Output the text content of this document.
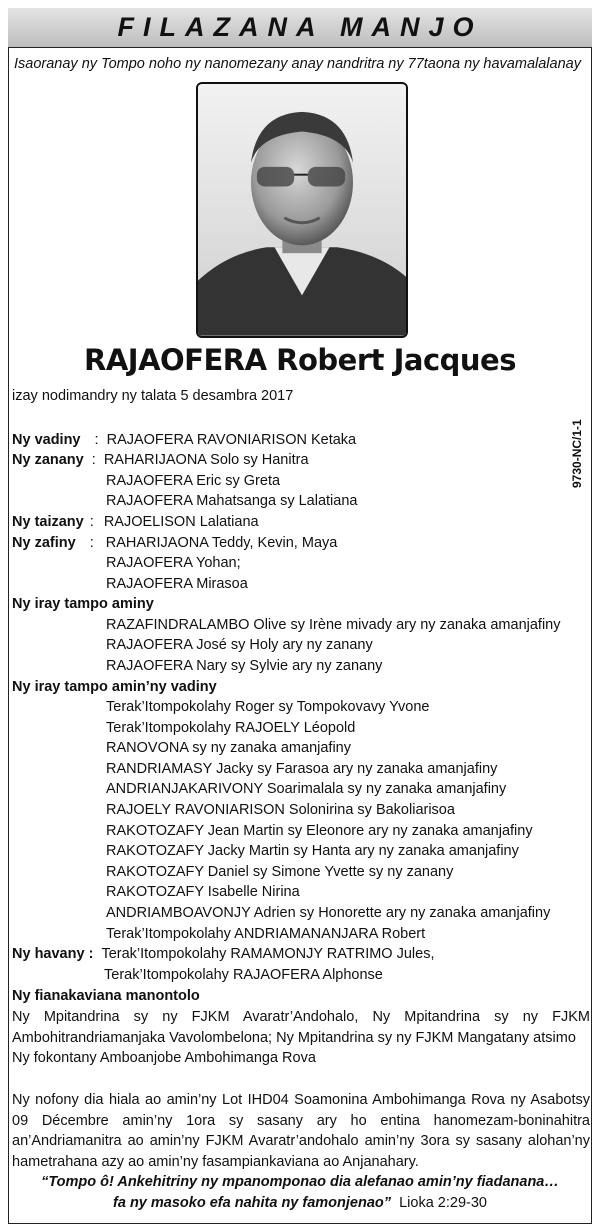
FILAZANA MANJO
Isaoranay ny Tompo noho ny nanomezany anay nandritra ny 77taona ny havamalalanay
RAJAOFERA Robert Jacques
izay nodimandry ny talata 5 desambra 2017
9730-NC/1-1
Ny vadiny : RAJAOFERA RAVONIARISON Ketaka
Ny zanany : RAHARIJAONA Solo sy Hanitra
RAJAOFERA Eric sy Greta
RAJAOFERA Mahatsanga sy Lalatiana
Ny taizany : RAJOELISON Lalatiana
Ny zafiny : RAHARIJAONA Teddy, Kevin, Maya
RAJAOFERA Yohan;
RAJAOFERA Mirasoa
Ny iray tampo aminy
RAZAFINDRALAMBO Olive sy Irène mivady ary ny zanaka amanjafiny
RAJAOFERA José sy Holy ary ny zanany
RAJAOFERA Nary sy Sylvie ary ny zanany
Ny iray tampo amin’ny vadiny
Terak’Itompokolahy Roger sy Tompokovavy Yvone
Terak’Itompokolahy RAJOELY Léopold
RANOVONA sy ny zanaka amanjafiny
RANDRIAMASY Jacky sy Farasoa ary ny zanaka amanjafiny
ANDRIANJAKARIVONY Soarimalala sy ny zanaka amanjafiny
RAJOELY RAVONIARISON Solonirina sy Bakoliarisoa
RAKOTOZAFY Jean Martin sy Eleonore ary ny zanaka amanjafiny
RAKOTOZAFY Jacky Martin sy Hanta ary ny zanaka amanjafiny
RAKOTOZAFY Daniel sy Simone Yvette sy ny zanany
RAKOTOZAFY Isabelle Nirina
ANDRIAMBOAVONJY Adrien sy Honorette ary ny zanaka amanjafiny
Terak’Itompokolahy ANDRIAMANANJARA Robert
Ny havany : Terak’Itompokolahy RAMAMONJY RATRIMO Jules,
Terak’Itompokolahy RAJAOFERA Alphonse
Ny fianakaviana manontolo
Ny Mpitandrina sy ny FJKM Avaratr’Andohalo, Ny Mpitandrina sy ny FJKM Ambohitrandriamanjaka Vavolombelona; Ny Mpitandrina sy ny FJKM Mangatany atsimo
Ny fokontany Amboanjobe Ambohimanga Rova
Ny nofony dia hiala ao amin’ny Lot IHD04 Soamonina Ambohimanga Rova ny Asabotsy 09 Décembre amin’ny 1ora sy sasany ary ho entina hanomezam-boninahitra an’Andriamanitra ao amin’ny FJKM Avaratr’andohalo amin’ny 3ora sy sasany alohan’ny hametrahana azy ao amin’ny fasampiankaviana ao Anjanahary.
“Tompo ô! Ankehitriny ny mpanomponao dia alefanao amin’ny fiadanana…
fa ny masoko efa nahita ny famonjenao” Lioka 2:29-30
